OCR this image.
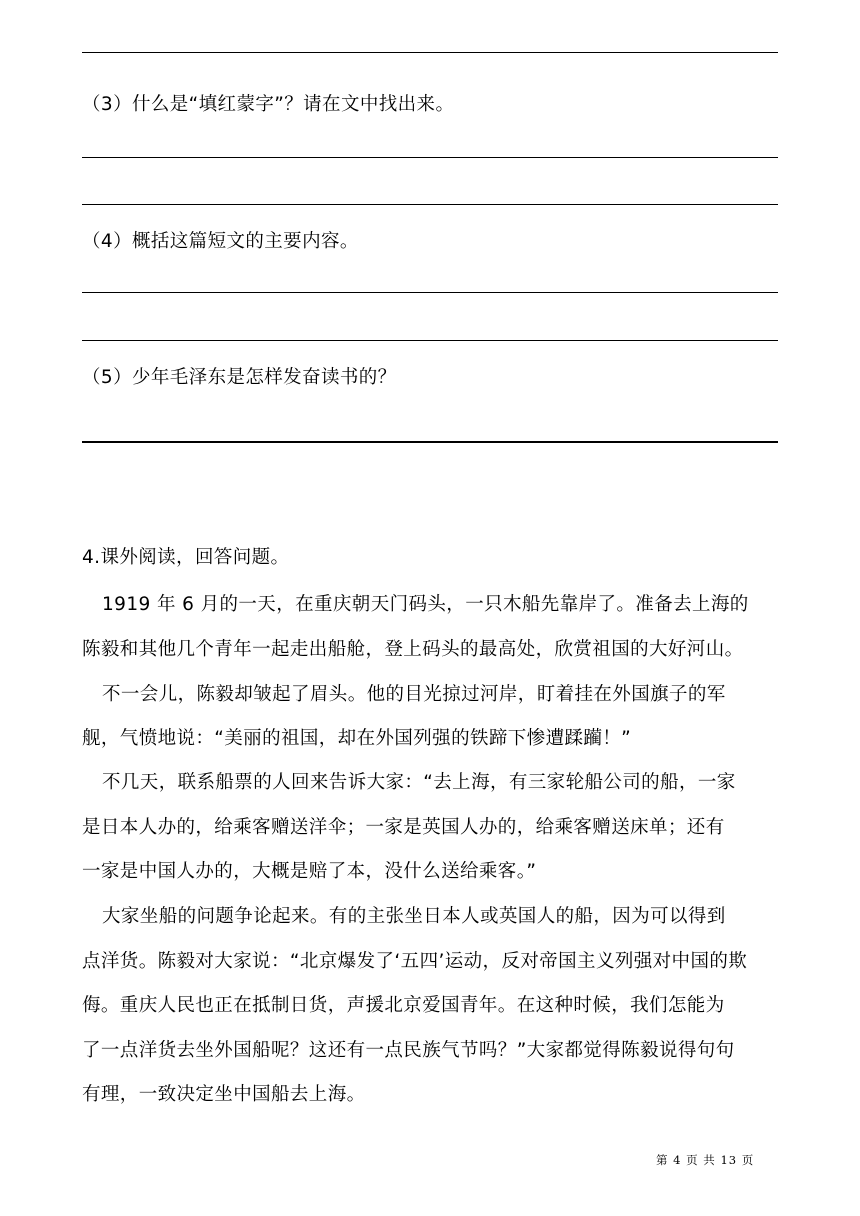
（3）什么是“填红蒙字”？请在文中找出来。
（4）概括这篇短文的主要内容。
（5）少年毛泽东是怎样发奋读书的？
4.课外阅读，回答问题。
1919 年 6 月的一天，在重庆朝天门码头，一只木船先靠岸了。准备去上海的
陈毅和其他几个青年一起走出船舱，登上码头的最高处，欣赏祖国的大好河山。
不一会儿，陈毅却皱起了眉头。他的目光掠过河岸，盯着挂在外国旗子的军
舰，气愤地说：“美丽的祖国，却在外国列强的铁蹄下惨遭蹂躏！”
不几天，联系船票的人回来告诉大家：“去上海，有三家轮船公司的船，一家
是日本人办的，给乘客赠送洋伞；一家是英国人办的，给乘客赠送床单；还有
一家是中国人办的，大概是赔了本，没什么送给乘客。”
大家坐船的问题争论起来。有的主张坐日本人或英国人的船，因为可以得到
点洋货。陈毅对大家说：“北京爆发了‘五四’运动，反对帝国主义列强对中国的欺
侮。重庆人民也正在抵制日货，声援北京爱国青年。在这种时候，我们怎能为
了一点洋货去坐外国船呢？这还有一点民族气节吗？”大家都觉得陈毅说得句句
有理，一致决定坐中国船去上海。
第 4 页 共 13 页
